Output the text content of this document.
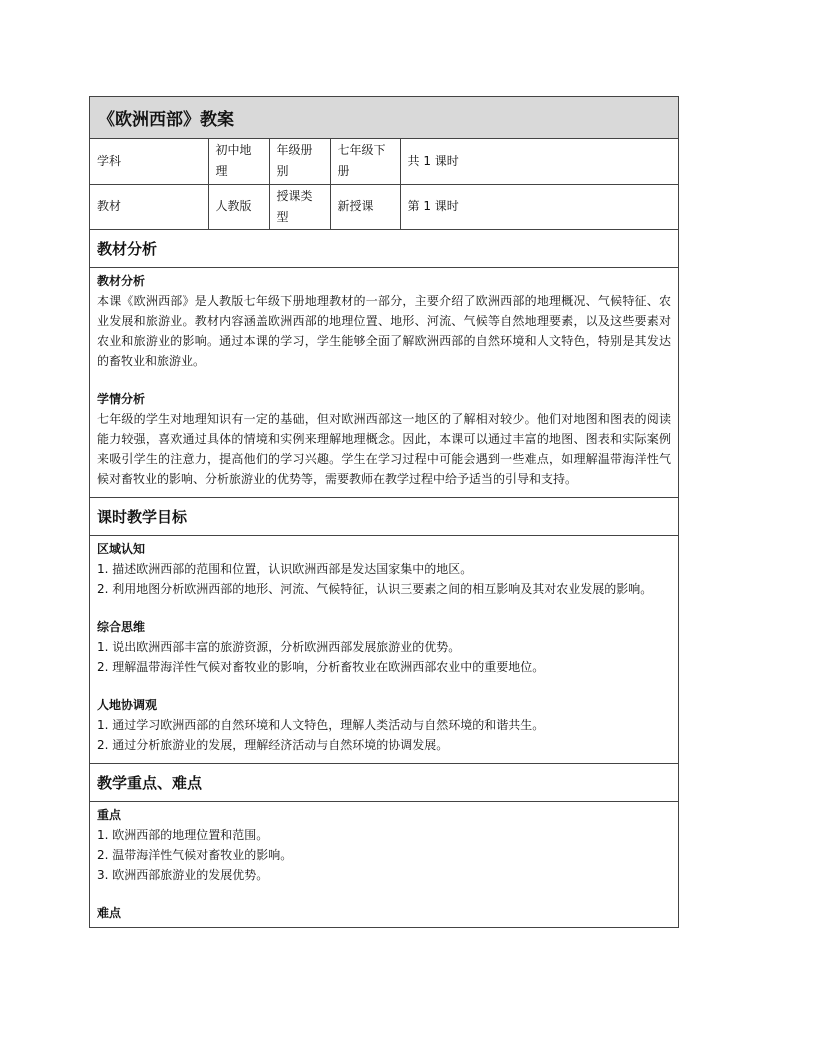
《欧洲西部》教案
学科	初中地理	年级册别	七年级下册	共 1 课时
教材	人教版	授课类型	新授课	第 1 课时
教材分析
教材分析
本课《欧洲西部》是人教版七年级下册地理教材的一部分，主要介绍了欧洲西部的地理概况、气候特征、农业发展和旅游业。教材内容涵盖欧洲西部的地理位置、地形、河流、气候等自然地理要素，以及这些要素对农业和旅游业的影响。通过本课的学习，学生能够全面了解欧洲西部的自然环境和人文特色，特别是其发达的畜牧业和旅游业。
学情分析
七年级的学生对地理知识有一定的基础，但对欧洲西部这一地区的了解相对较少。他们对地图和图表的阅读能力较强，喜欢通过具体的情境和实例来理解地理概念。因此，本课可以通过丰富的地图、图表和实际案例来吸引学生的注意力，提高他们的学习兴趣。学生在学习过程中可能会遇到一些难点，如理解温带海洋性气候对畜牧业的影响、分析旅游业的优势等，需要教师在教学过程中给予适当的引导和支持。
课时教学目标
区域认知
1. 描述欧洲西部的范围和位置，认识欧洲西部是发达国家集中的地区。
2. 利用地图分析欧洲西部的地形、河流、气候特征，认识三要素之间的相互影响及其对农业发展的影响。
综合思维
1. 说出欧洲西部丰富的旅游资源，分析欧洲西部发展旅游业的优势。
2. 理解温带海洋性气候对畜牧业的影响，分析畜牧业在欧洲西部农业中的重要地位。
人地协调观
1. 通过学习欧洲西部的自然环境和人文特色，理解人类活动与自然环境的和谐共生。
2. 通过分析旅游业的发展，理解经济活动与自然环境的协调发展。
教学重点、难点
重点
1. 欧洲西部的地理位置和范围。
2. 温带海洋性气候对畜牧业的影响。
3. 欧洲西部旅游业的发展优势。
难点
